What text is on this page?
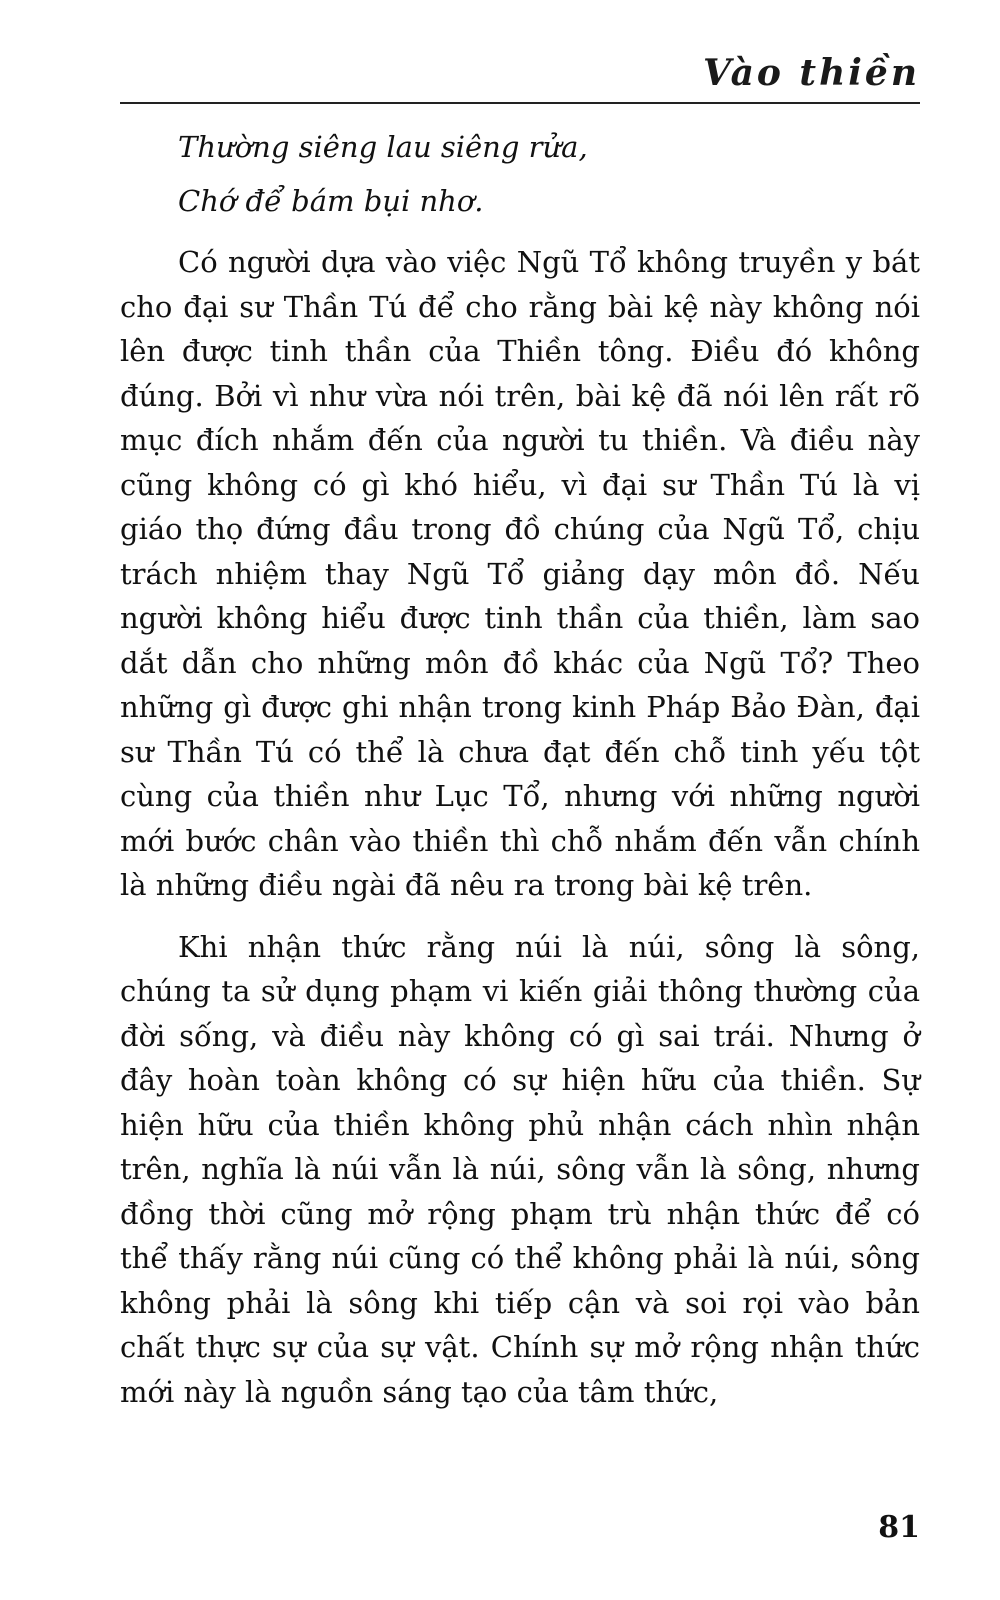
Vào thiền

Thường siêng lau siêng rửa,

Chớ để bám bụi nhơ.

Có người dựa vào việc Ngũ Tổ không truyền y bát cho đại sư Thần Tú để cho rằng bài kệ này không nói lên được tinh thần của Thiền tông. Điều đó không đúng. Bởi vì như vừa nói trên, bài kệ đã nói lên rất rõ mục đích nhắm đến của người tu thiền. Và điều này cũng không có gì khó hiểu, vì đại sư Thần Tú là vị giáo thọ đứng đầu trong đồ chúng của Ngũ Tổ, chịu trách nhiệm thay Ngũ Tổ giảng dạy môn đồ. Nếu người không hiểu được tinh thần của thiền, làm sao dắt dẫn cho những môn đồ khác của Ngũ Tổ? Theo những gì được ghi nhận trong kinh Pháp Bảo Đàn, đại sư Thần Tú có thể là chưa đạt đến chỗ tinh yếu tột cùng của thiền như Lục Tổ, nhưng với những người mới bước chân vào thiền thì chỗ nhắm đến vẫn chính là những điều ngài đã nêu ra trong bài kệ trên.

Khi nhận thức rằng núi là núi, sông là sông, chúng ta sử dụng phạm vi kiến giải thông thường của đời sống, và điều này không có gì sai trái. Nhưng ở đây hoàn toàn không có sự hiện hữu của thiền. Sự hiện hữu của thiền không phủ nhận cách nhìn nhận trên, nghĩa là núi vẫn là núi, sông vẫn là sông, nhưng đồng thời cũng mở rộng phạm trù nhận thức để có thể thấy rằng núi cũng có thể không phải là núi, sông không phải là sông khi tiếp cận và soi rọi vào bản chất thực sự của sự vật. Chính sự mở rộng nhận thức mới này là nguồn sáng tạo của tâm thức,

81
